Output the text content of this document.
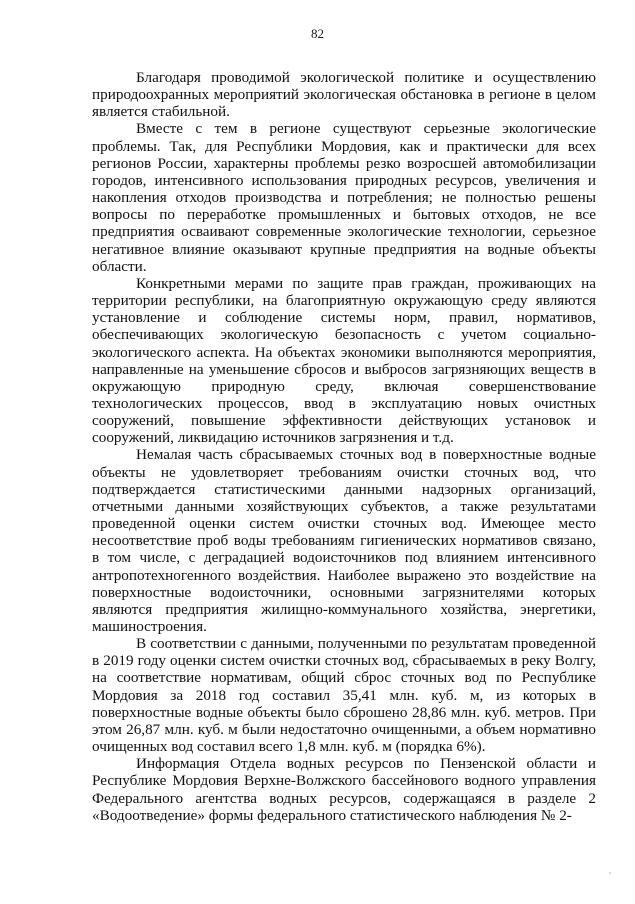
82

Благодаря проводимой экологической политике и осуществлению природоохранных мероприятий экологическая обстановка в регионе в целом является стабильной.

Вместе с тем в регионе существуют серьезные экологические проблемы. Так, для Республики Мордовия, как и практически для всех регионов России, характерны проблемы резко возросшей автомобилизации городов, интенсивного использования природных ресурсов, увеличения и накопления отходов производства и потребления; не полностью решены вопросы по переработке промышленных и бытовых отходов, не все предприятия осваивают современные экологические технологии, серьезное негативное влияние оказывают крупные предприятия на водные объекты области.

Конкретными мерами по защите прав граждан, проживающих на территории республики, на благоприятную окружающую среду являются установление и соблюдение системы норм, правил, нормативов, обеспечивающих экологическую безопасность с учетом социально-экологического аспекта. На объектах экономики выполняются мероприятия, направленные на уменьшение сбросов и выбросов загрязняющих веществ в окружающую природную среду, включая совершенствование технологических процессов, ввод в эксплуатацию новых очистных сооружений, повышение эффективности действующих установок и сооружений, ликвидацию источников загрязнения и т.д.

Немалая часть сбрасываемых сточных вод в поверхностные водные объекты не удовлетворяет требованиям очистки сточных вод, что подтверждается статистическими данными надзорных организаций, отчетными данными хозяйствующих субъектов, а также результатами проведенной оценки систем очистки сточных вод. Имеющее место несоответствие проб воды требованиям гигиенических нормативов связано, в том числе, с деградацией водоисточников под влиянием интенсивного антропотехногенного воздействия. Наиболее выражено это воздействие на поверхностные водоисточники, основными загрязнителями которых являются предприятия жилищно-коммунального хозяйства, энергетики, машиностроения.

В соответствии с данными, полученными по результатам проведенной в 2019 году оценки систем очистки сточных вод, сбрасываемых в реку Волгу, на соответствие нормативам, общий сброс сточных вод по Республике Мордовия за 2018 год составил 35,41 млн. куб. м, из которых в поверхностные водные объекты было сброшено 28,86 млн. куб. метров. При этом 26,87 млн. куб. м были недостаточно очищенными, а объем нормативно очищенных вод составил всего 1,8 млн. куб. м (порядка 6%).

Информация Отдела водных ресурсов по Пензенской области и Республике Мордовия Верхне-Волжского бассейнового водного управления Федерального агентства водных ресурсов, содержащаяся в разделе 2 «Водоотведение» формы федерального статистического наблюдения № 2-
